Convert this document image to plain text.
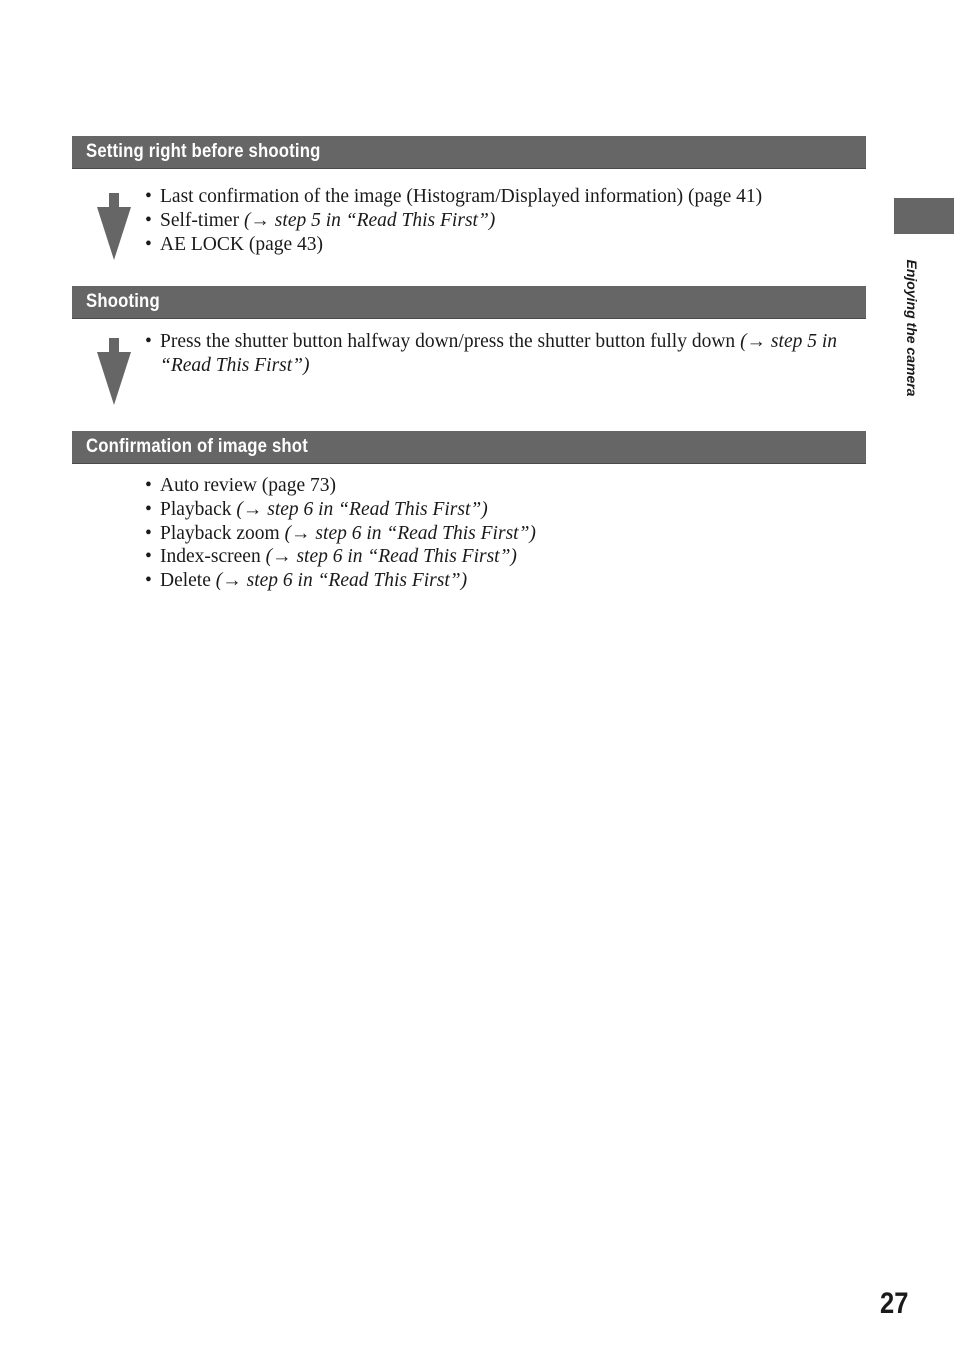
Setting right before shooting
• Last confirmation of the image (Histogram/Displayed information) (page 41)
• Self-timer (→ step 5 in “Read This First”)
• AE LOCK (page 43)
Shooting
• Press the shutter button halfway down/press the shutter button fully down (→ step 5 in “Read This First”)
Confirmation of image shot
• Auto review (page 73)
• Playback (→ step 6 in “Read This First”)
• Playback zoom (→ step 6 in “Read This First”)
• Index-screen (→ step 6 in “Read This First”)
• Delete (→ step 6 in “Read This First”)
Enjoying the camera
27
